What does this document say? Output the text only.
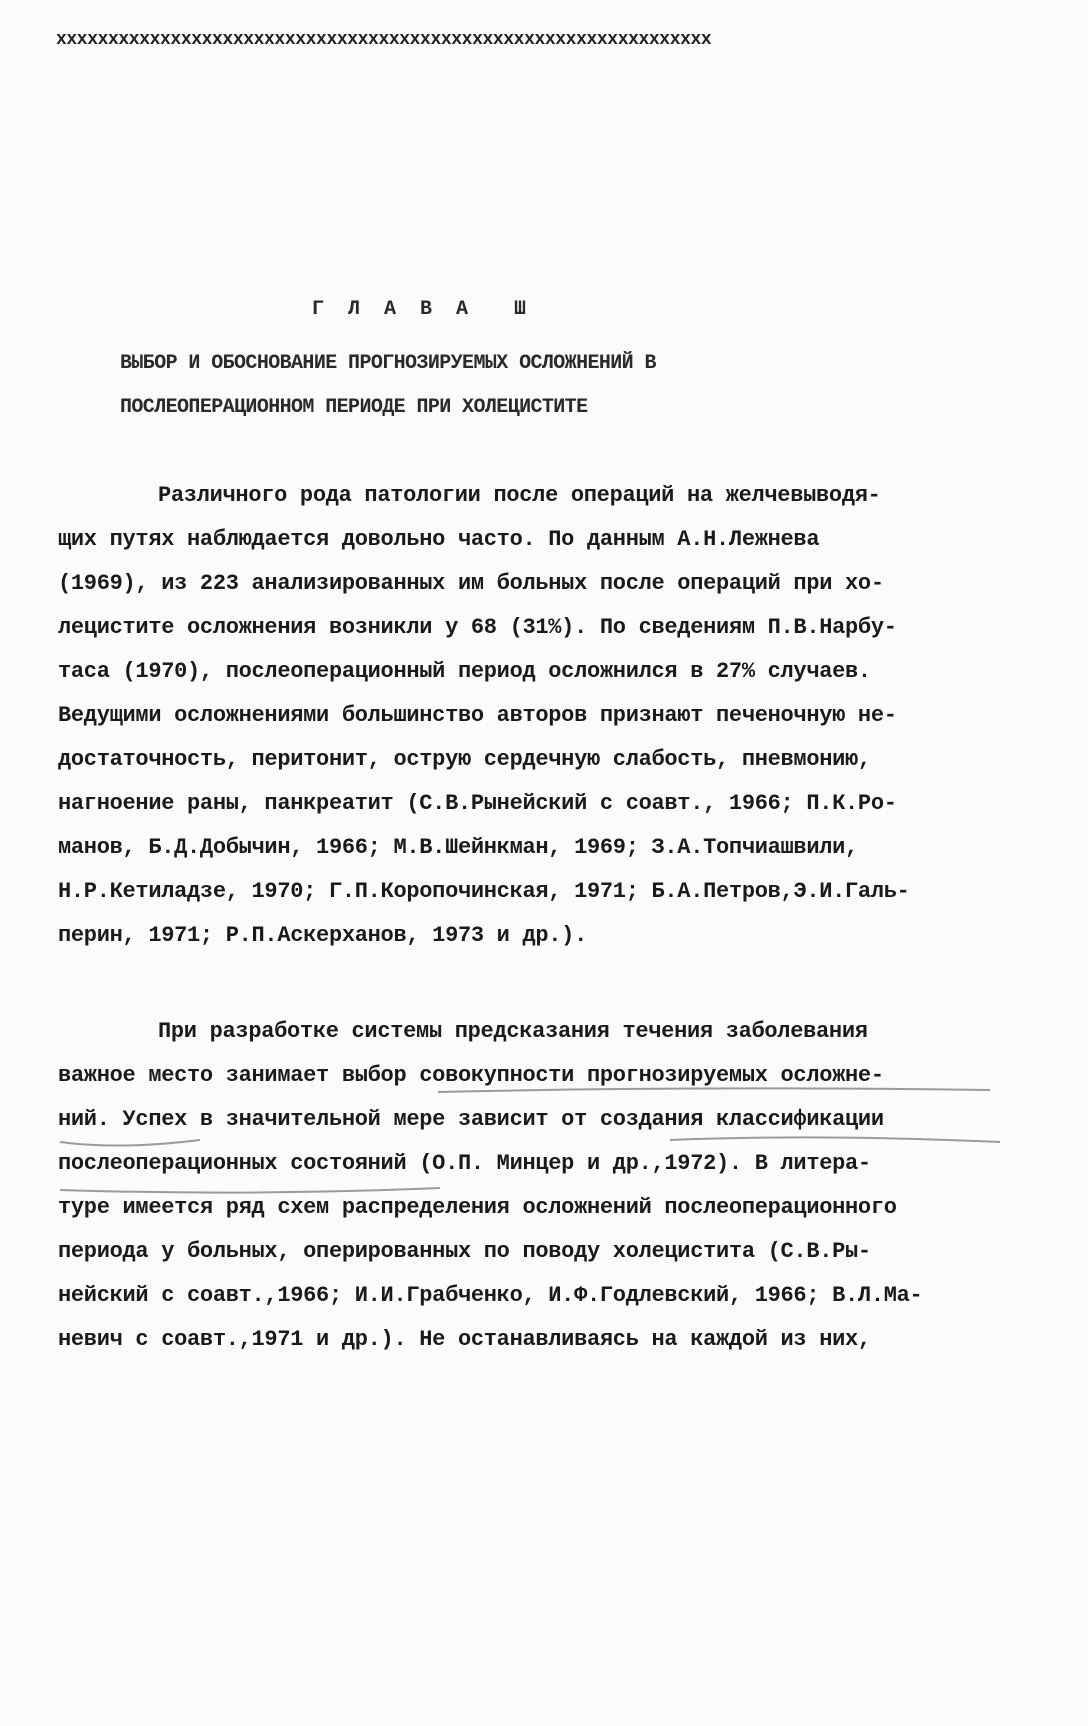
xxxxxxxxxxxxxxxxxxxxxxxxxxxxxxxxxxxxxxxxxxxxxxxxxxxxxxxxxxxxxxx
Г Л А В А Ш
ВЫБОР И ОБОСНОВАНИЕ ПРОГНОЗИРУЕМЫХ ОСЛОЖНЕНИЙ В
ПОСЛЕОПЕРАЦИОННОМ ПЕРИОДЕ ПРИ ХОЛЕЦИСТИТЕ
Различного рода патологии после операций на желчевыводя-
щих путях наблюдается довольно часто. По данным А.Н.Лежнева
(1969), из 223 анализированных им больных после операций при хо-
лецистите осложнения возникли у 68 (31%). По сведениям П.В.Нарбу-
таса (1970), послеоперационный период осложнился в 27% случаев.
Ведущими осложнениями большинство авторов признают печеночную не-
достаточность, перитонит, острую сердечную слабость, пневмонию,
нагноение раны, панкреатит (С.В.Рынейский с соавт., 1966; П.К.Ро-
манов, Б.Д.Добычин, 1966; М.В.Шейнкман, 1969; З.А.Топчиашвили,
Н.Р.Кетиладзе, 1970; Г.П.Коропочинская, 1971; Б.А.Петров,Э.И.Галь-
перин, 1971; Р.П.Аскерханов, 1973 и др.).
При разработке системы предсказания течения заболевания
важное место занимает выбор совокупности прогнозируемых осложне-
ний. Успех в значительной мере зависит от создания классификации
послеоперационных состояний (О.П. Минцер и др.,1972). В литера-
туре имеется ряд схем распределения осложнений послеоперационного
периода у больных, оперированных по поводу холецистита (С.В.Ры-
нейский с соавт.,1966; И.И.Грабченко, И.Ф.Годлевский, 1966; В.Л.Ма-
невич с соавт.,1971 и др.). Не останавливаясь на каждой из них,
